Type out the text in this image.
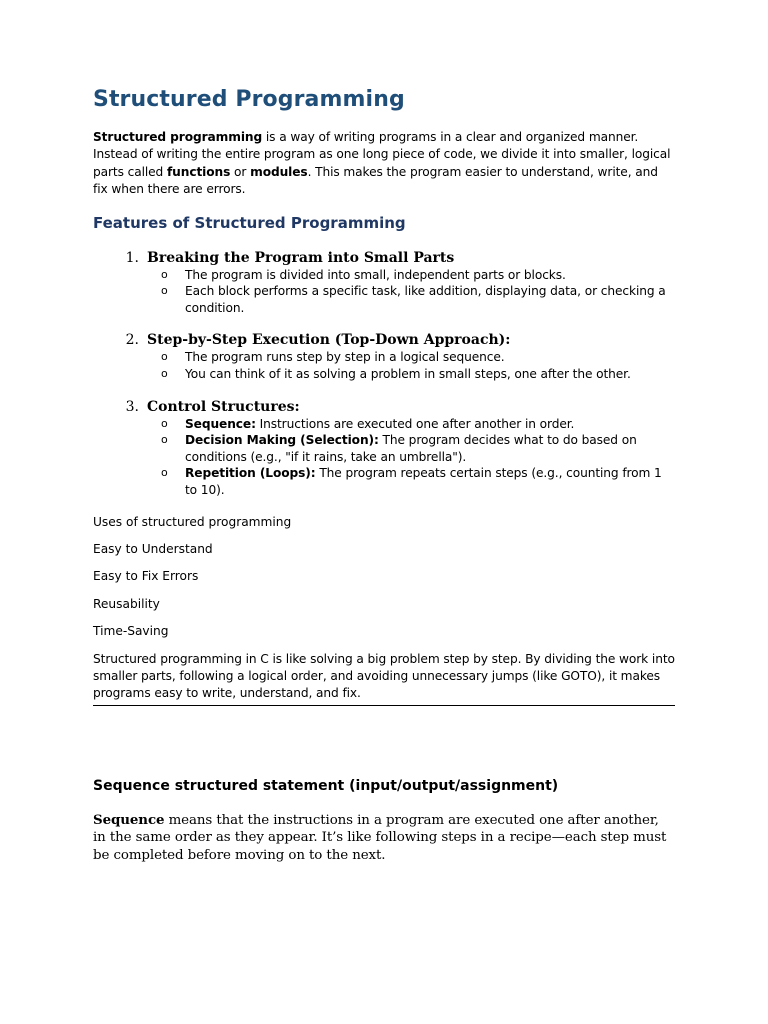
Structured Programming

Structured programming is a way of writing programs in a clear and organized manner. Instead of writing the entire program as one long piece of code, we divide it into smaller, logical parts called functions or modules. This makes the program easier to understand, write, and fix when there are errors.

Features of Structured Programming
1. Breaking the Program into Small Parts
o The program is divided into small, independent parts or blocks.
o Each block performs a specific task, like addition, displaying data, or checking a condition.
2. Step-by-Step Execution (Top-Down Approach):
o The program runs step by step in a logical sequence.
o You can think of it as solving a problem in small steps, one after the other.
3. Control Structures:
o Sequence: Instructions are executed one after another in order.
o Decision Making (Selection): The program decides what to do based on conditions (e.g., "if it rains, take an umbrella").
o Repetition (Loops): The program repeats certain steps (e.g., counting from 1 to 10).

Uses of structured programming

Easy to Understand

Easy to Fix Errors

Reusability

Time-Saving

Structured programming in C is like solving a big problem step by step. By dividing the work into smaller parts, following a logical order, and avoiding unnecessary jumps (like GOTO), it makes programs easy to write, understand, and fix.

Sequence structured statement (input/output/assignment)

Sequence means that the instructions in a program are executed one after another, in the same order as they appear. It’s like following steps in a recipe—each step must be completed before moving on to the next.
